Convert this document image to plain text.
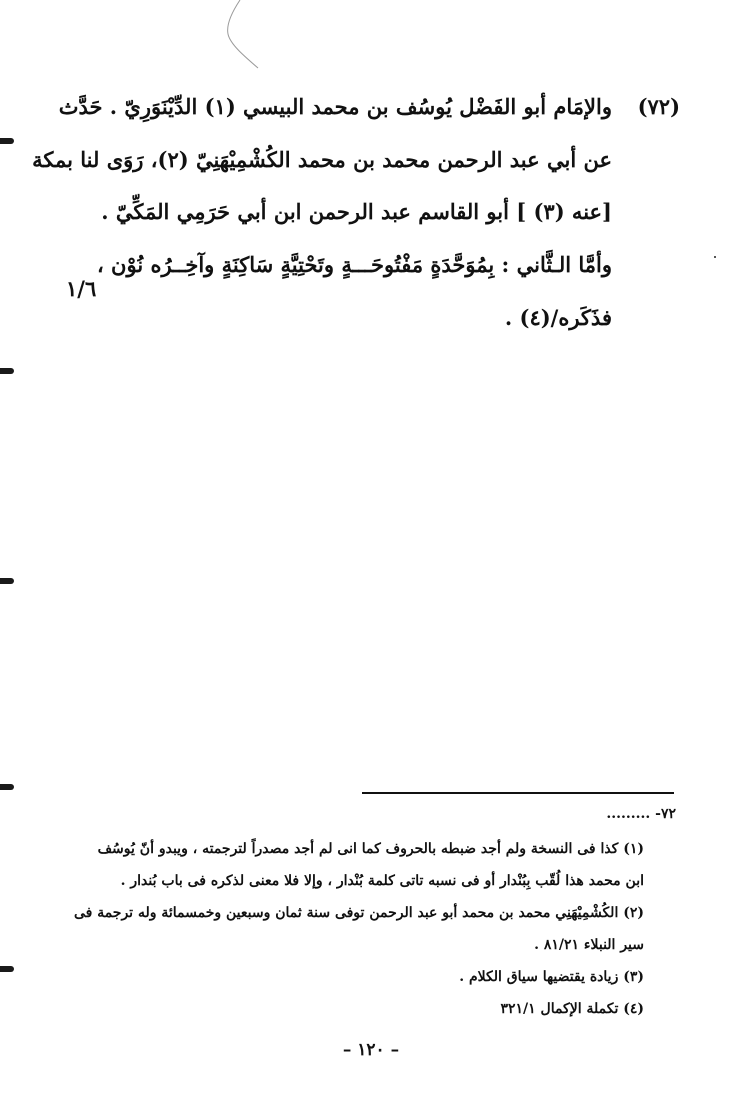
(٧٢)
والإمَام أبو الفَضْل يُوسُف بن محمد البيسي (١) الدِّيْنَوَرِيّ . حَدَّث
عن أبي عبد الرحمن محمد بن محمد الكُشْمِيْهَنِيّ (٢)، رَوَى لنا بمكة
[عنه (٣) ] أبو القاسم عبد الرحمن ابن أبي حَرَمِي المَكِّيّ .
وأمَّا الـثَّاني : بِمُوَحَّدَةٍ مَفْتُوحَـــةٍ وتَحْتِيَّةٍ سَاكِنَةٍ وآخِــرُه نُوْن ،
فذَكَره/(٤) .
١/٦
٧٢- .........
(١) كذا فى النسخة ولم أجد ضبطه بالحروف كما انى لم أجد مصدراً لترجمته ، ويبدو أنّ يُوسُف
ابن محمد هذا لُقّب بِبُنْدار أو فى نسبه تاتى كلمة بُنْدار ، وإلا فلا معنى لذكره فى باب بُندار .
(٢) الكُشْمِيْهَنِي محمد بن محمد أبو عبد الرحمن توفى سنة ثمان وسبعين وخمسمائة وله ترجمة فى
سير النبلاء ٨١/٢١ .
(٣) زيادة يقتضيها سياق الكلام .
(٤) تكملة الإكمال ٣٢١/١
– ١٢٠ –
